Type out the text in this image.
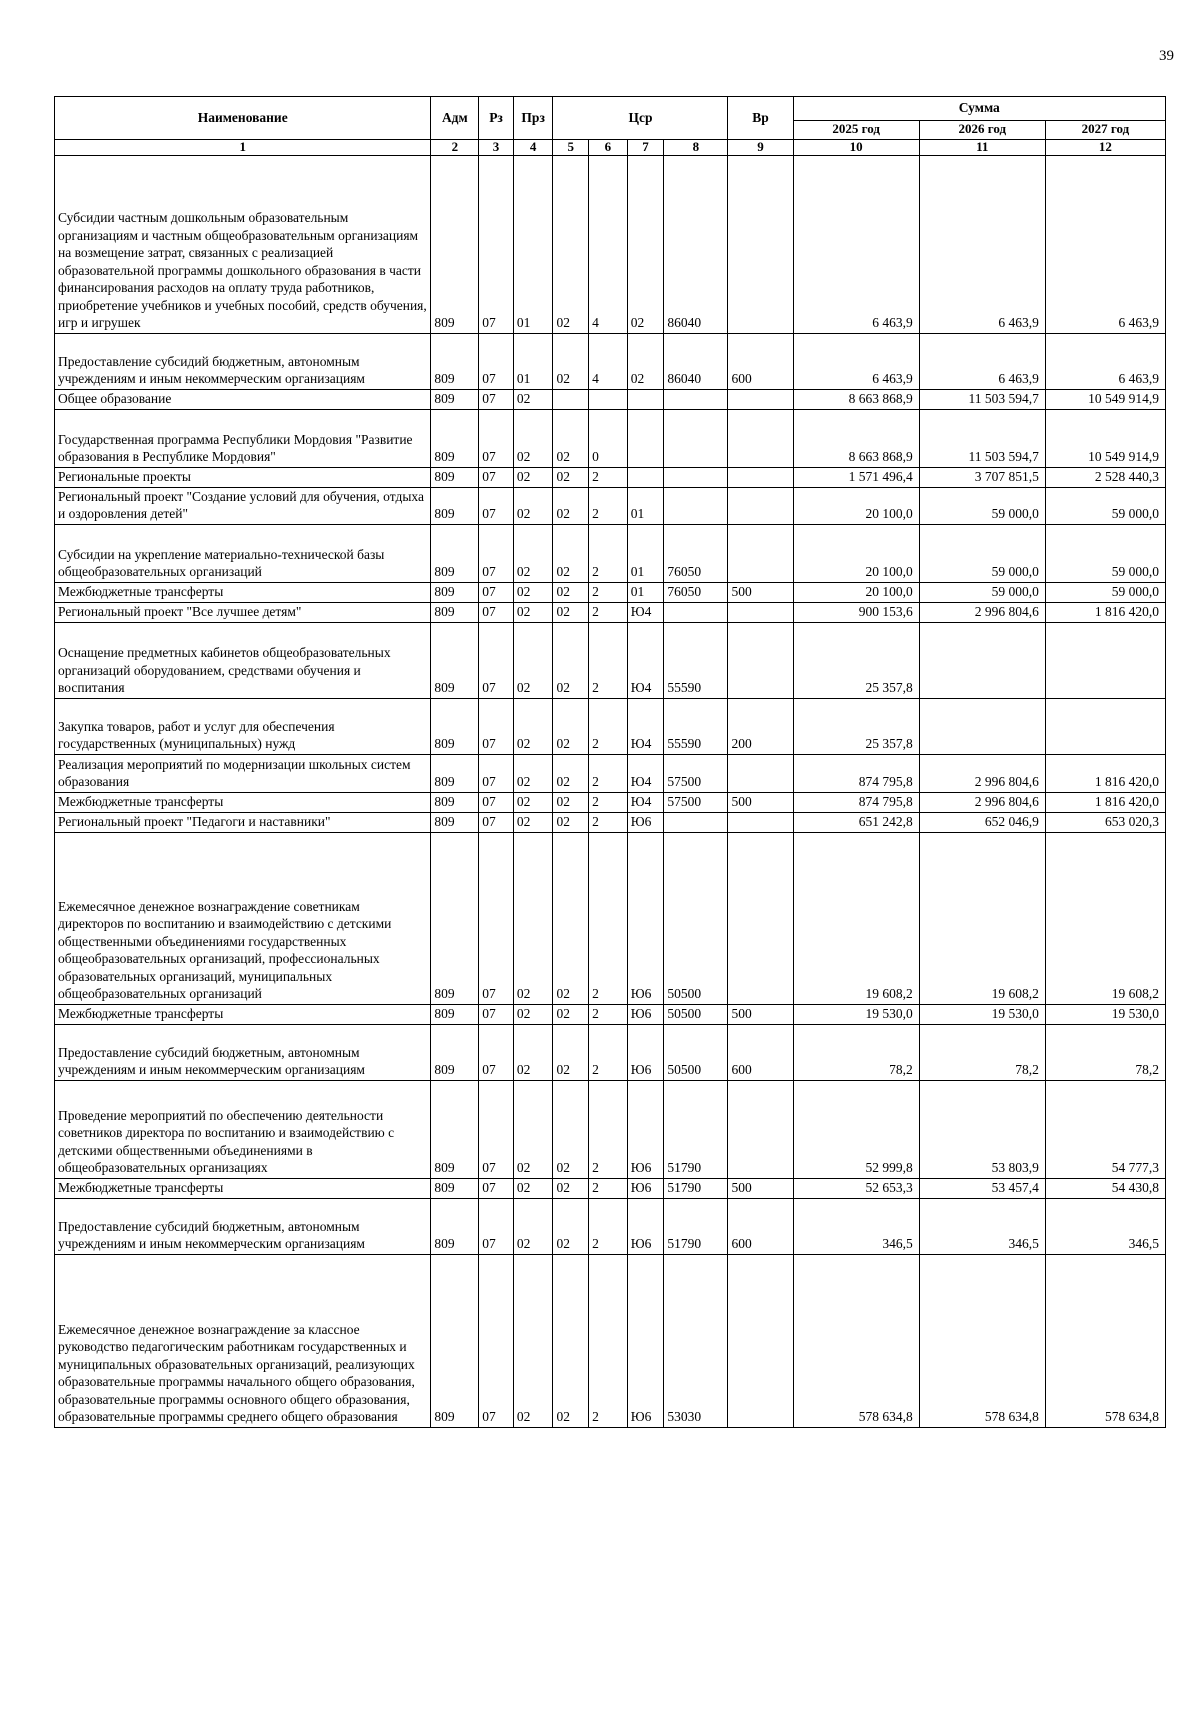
39
Наименование	Адм	Рз	Прз	Цср				Вр	Сумма		
									2025 год	2026 год	2027 год
1	2	3	4	5	6	7	8	9	10	11	12
Субсидии частным дошкольным образовательным организациям и частным общеобразовательным организациям на возмещение затрат, связанных с реализацией образовательной программы дошкольного образования в части финансирования расходов на оплату труда работников, приобретение учебников и учебных пособий, средств обучения, игр и игрушек	809	07	01	02	4	02	86040		6 463,9	6 463,9	6 463,9
Предоставление субсидий бюджетным, автономным учреждениям и иным некоммерческим организациям	809	07	01	02	4	02	86040	600	6 463,9	6 463,9	6 463,9
Общее образование	809	07	02						8 663 868,9	11 503 594,7	10 549 914,9
Государственная программа Республики Мордовия "Развитие образования в Республике Мордовия"	809	07	02	02	0				8 663 868,9	11 503 594,7	10 549 914,9
Региональные проекты	809	07	02	02	2				1 571 496,4	3 707 851,5	2 528 440,3
Региональный проект "Создание условий для обучения, отдыха и оздоровления детей"	809	07	02	02	2	01			20 100,0	59 000,0	59 000,0
Субсидии на укрепление материально-технической базы общеобразовательных организаций	809	07	02	02	2	01	76050		20 100,0	59 000,0	59 000,0
Межбюджетные трансферты	809	07	02	02	2	01	76050	500	20 100,0	59 000,0	59 000,0
Региональный проект "Все лучшее детям"	809	07	02	02	2	Ю4			900 153,6	2 996 804,6	1 816 420,0
Оснащение предметных кабинетов общеобразовательных организаций оборудованием, средствами обучения и воспитания	809	07	02	02	2	Ю4	55590		25 357,8		
Закупка товаров, работ и услуг для обеспечения государственных (муниципальных) нужд	809	07	02	02	2	Ю4	55590	200	25 357,8		
Реализация мероприятий по модернизации школьных систем образования	809	07	02	02	2	Ю4	57500		874 795,8	2 996 804,6	1 816 420,0
Межбюджетные трансферты	809	07	02	02	2	Ю4	57500	500	874 795,8	2 996 804,6	1 816 420,0
Региональный проект "Педагоги и наставники"	809	07	02	02	2	Ю6			651 242,8	652 046,9	653 020,3
Ежемесячное денежное вознаграждение советникам директоров по воспитанию и взаимодействию с детскими общественными объединениями государственных общеобразовательных организаций, профессиональных образовательных организаций, муниципальных общеобразовательных организаций	809	07	02	02	2	Ю6	50500		19 608,2	19 608,2	19 608,2
Межбюджетные трансферты	809	07	02	02	2	Ю6	50500	500	19 530,0	19 530,0	19 530,0
Предоставление субсидий бюджетным, автономным учреждениям и иным некоммерческим организациям	809	07	02	02	2	Ю6	50500	600	78,2	78,2	78,2
Проведение мероприятий по обеспечению деятельности советников директора по воспитанию и взаимодействию с детскими общественными объединениями в общеобразовательных организациях	809	07	02	02	2	Ю6	51790		52 999,8	53 803,9	54 777,3
Межбюджетные трансферты	809	07	02	02	2	Ю6	51790	500	52 653,3	53 457,4	54 430,8
Предоставление субсидий бюджетным, автономным учреждениям и иным некоммерческим организациям	809	07	02	02	2	Ю6	51790	600	346,5	346,5	346,5
Ежемесячное денежное вознаграждение за классное руководство педагогическим работникам государственных и муниципальных образовательных организаций, реализующих образовательные программы начального общего образования, образовательные программы основного общего образования, образовательные программы среднего общего образования	809	07	02	02	2	Ю6	53030		578 634,8	578 634,8	578 634,8
